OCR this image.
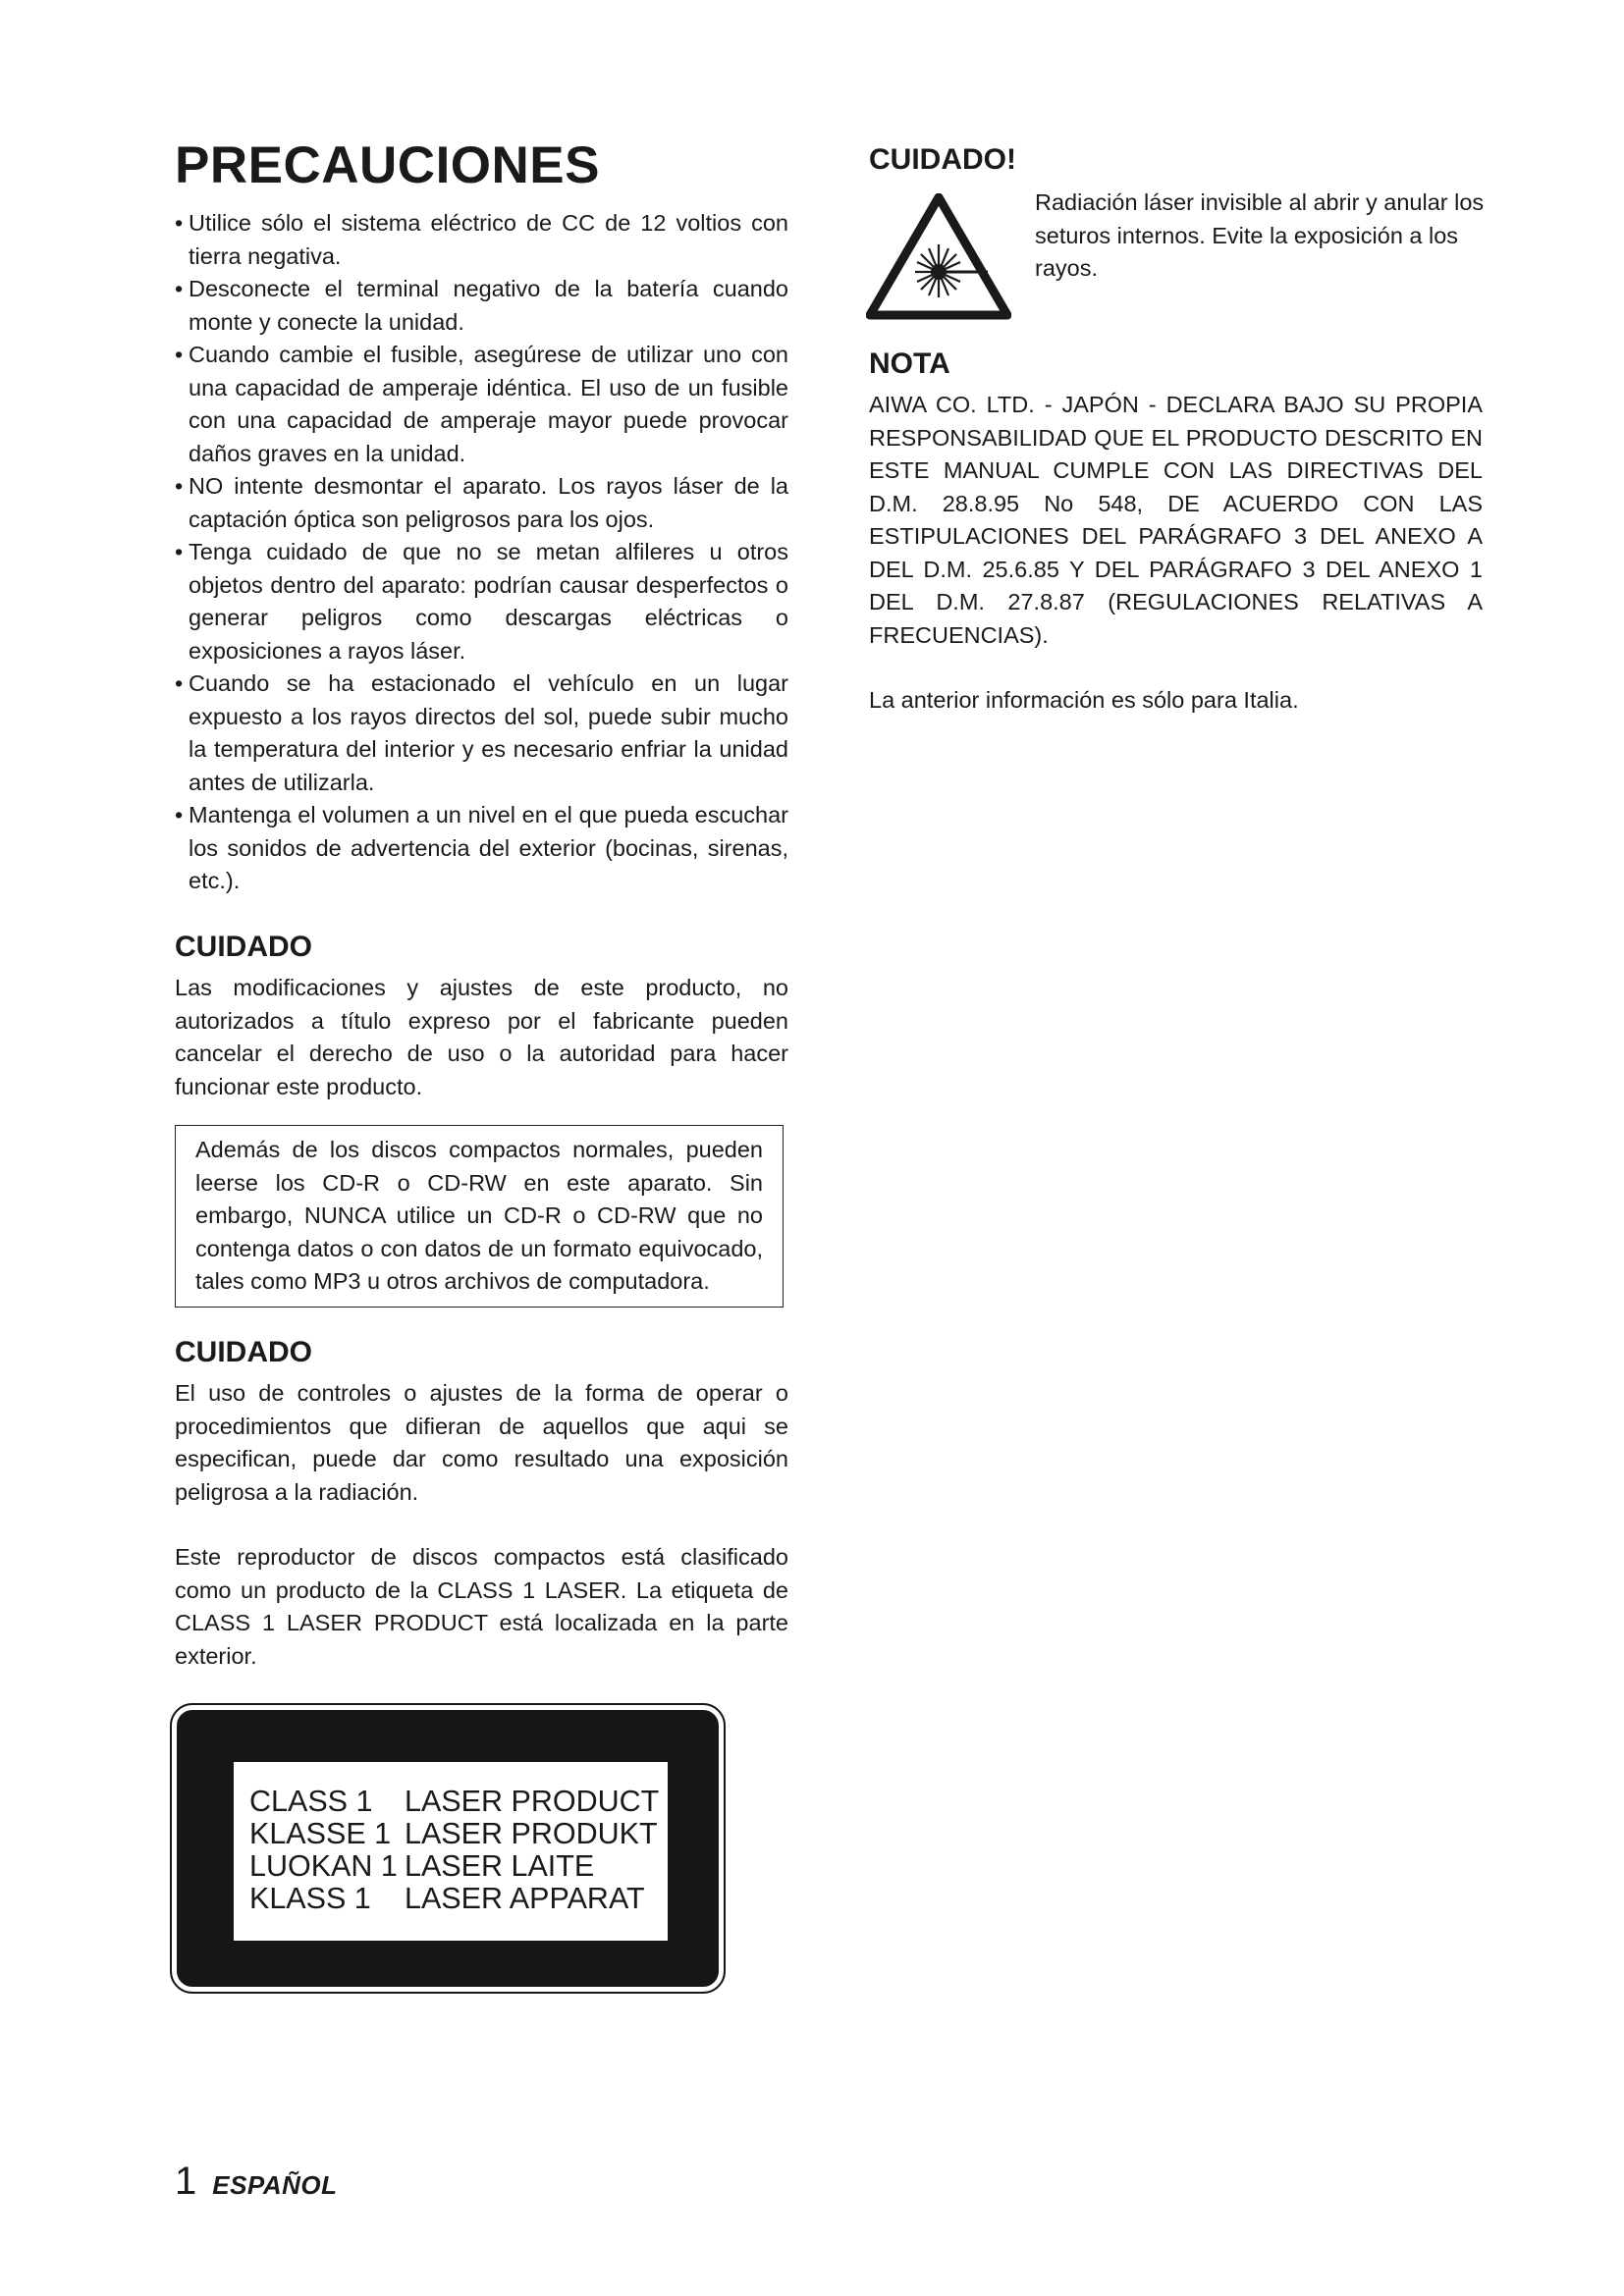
PRECAUCIONES
• Utilice sólo el sistema eléctrico de CC de 12 voltios con tierra negativa.
• Desconecte el terminal negativo de la batería cuando monte y conecte la unidad.
• Cuando cambie el fusible, asegúrese de utilizar uno con una capacidad de amperaje idéntica. El uso de un fusible con una capacidad de amperaje mayor puede provocar daños graves en la unidad.
• NO intente desmontar el aparato. Los rayos láser de la captación óptica son peligrosos para los ojos.
• Tenga cuidado de que no se metan alfileres u otros objetos dentro del aparato: podrían causar desperfectos o generar peligros como descargas eléctricas o exposiciones a rayos láser.
• Cuando se ha estacionado el vehículo en un lugar expuesto a los rayos directos del sol, puede subir mucho la temperatura del interior y es necesario enfriar la unidad antes de utilizarla.
• Mantenga el volumen a un nivel en el que pueda escuchar los sonidos de advertencia del exterior (bocinas, sirenas, etc.).
CUIDADO

Las modificaciones y ajustes de este producto, no autorizados a título expreso por el fabricante pueden cancelar el derecho de uso o la autoridad para hacer funcionar este producto.

Además de los discos compactos normales, pueden leerse los CD-R o CD-RW en este aparato. Sin embargo, NUNCA utilice un CD-R o CD-RW que no contenga datos o con datos de un formato equivocado, tales como MP3 u otros archivos de computadora.
CUIDADO

El uso de controles o ajustes de la forma de operar o procedimientos que difieran de aquellos que aqui se especifican, puede dar como resultado una exposición peligrosa a la radiación.

Este reproductor de discos compactos está clasificado como un producto de la CLASS 1 LASER. La etiqueta de CLASS 1 LASER PRODUCT está localizada en la parte exterior.

CLASS 1	LASER PRODUCT
KLASSE 1 LASER PRODUKT
LUOKAN 1 LASER LAITE
KLASS 1	LASER APPARAT
CUIDADO!

Radiación láser invisible al abrir y anular los seturos internos. Evite la exposición a los rayos.

NOTA

AIWA CO. LTD. - JAPÓN - DECLARA BAJO SU PROPIA RESPONSABILIDAD QUE EL PRODUCTO DESCRITO EN ESTE MANUAL CUMPLE CON LAS DIRECTIVAS DEL D.M. 28.8.95 No 548, DE ACUERDO CON LAS ESTIPULACIONES DEL PARÁGRAFO 3 DEL ANEXO A DEL D.M. 25.6.85 Y DEL PARÁGRAFO 3 DEL ANEXO 1 DEL D.M. 27.8.87 (REGULACIONES RELATIVAS A FRECUENCIAS).

La anterior información es sólo para Italia.

1 ESPAÑOL
